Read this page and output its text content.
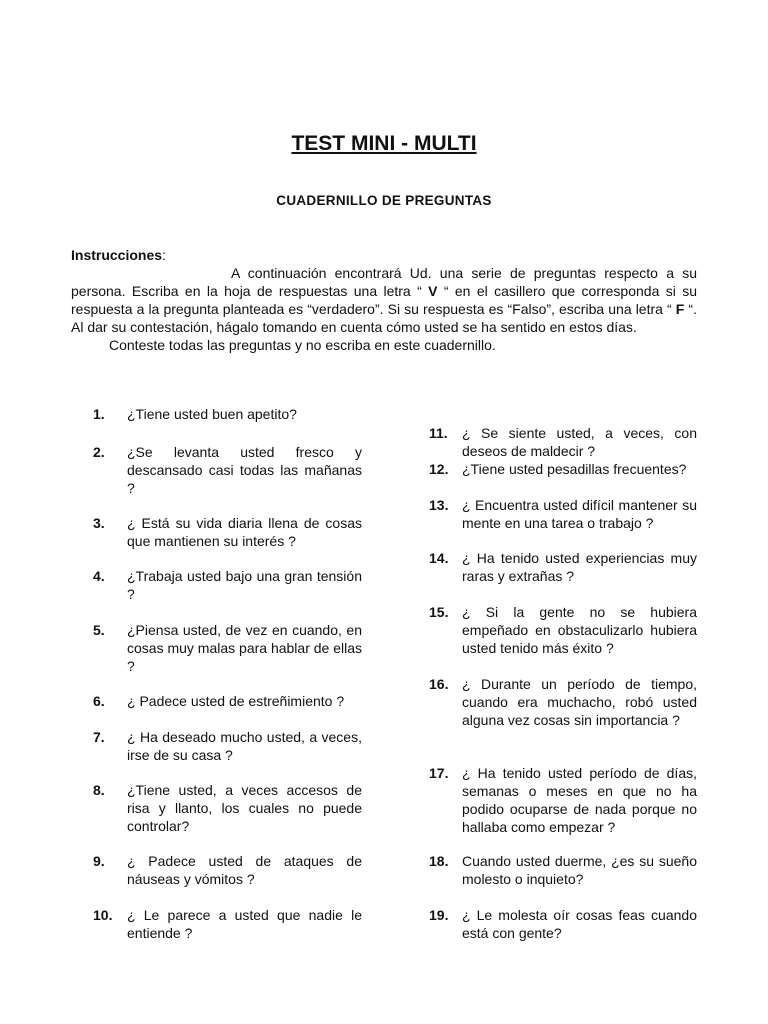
TEST MINI - MULTI
CUADERNILLO DE PREGUNTAS
Instrucciones:
A continuación encontrará Ud. una serie de preguntas respecto a su persona. Escriba en la hoja de respuestas una letra “ V “ en el casillero que corresponda si su respuesta a la pregunta planteada es “verdadero”. Si su respuesta es “Falso”, escriba una letra “ F “. Al dar su contestación, hágalo tomando en cuenta cómo usted se ha sentido en estos días.
Conteste todas las preguntas y no escriba en este cuadernillo.
1.	¿Tiene usted buen apetito?
2.	¿Se levanta usted fresco y descansado casi todas las mañanas ?
3.	¿ Está su vida diaria llena de cosas que mantienen su interés ?
4.	¿Trabaja usted bajo una gran tensión ?
5.	¿Piensa usted, de vez en cuando, en cosas muy malas para hablar de ellas ?
6.	¿ Padece usted de estreñimiento ?
7.	¿ Ha deseado mucho usted, a veces, irse de su casa ?
8.	¿Tiene usted, a veces accesos de risa y llanto, los cuales no puede controlar?
9.	¿ Padece usted de ataques de náuseas y vómitos ?
10.	¿ Le parece a usted que nadie le entiende ?
11.	¿ Se siente usted, a veces, con deseos de maldecir ?
12. ¿Tiene usted pesadillas frecuentes?
13. ¿ Encuentra usted difícil mantener su mente en una tarea o trabajo ?
14. ¿ Ha tenido usted experiencias muy raras y extrañas ?
15. ¿ Si la gente no se hubiera empeñado en obstaculizarlo hubiera usted tenido más éxito ?
16. ¿ Durante un período de tiempo, cuando era muchacho, robó usted alguna vez cosas sin importancia ?
17. ¿ Ha tenido usted período de días, semanas o meses en que no ha podido ocuparse de nada porque no hallaba como empezar ?
18. Cuando usted duerme, ¿es su sueño molesto o inquieto?
19. ¿ Le molesta oír cosas feas cuando está con gente?
